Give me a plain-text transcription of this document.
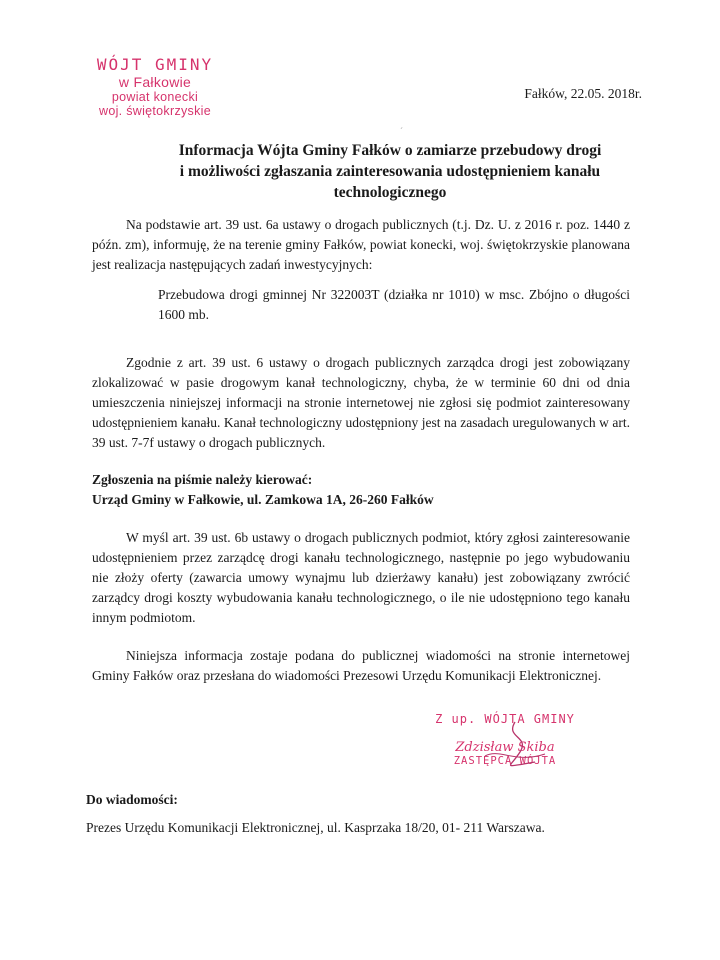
WÓJT GMINY
w Fałkowie
powiat konecki
woj. świętokrzyskie
Fałków, 22.05. 2018r.
ˊ
Informacja Wójta Gminy Fałków o zamiarze przebudowy drogi
i możliwości zgłaszania zainteresowania udostępnieniem kanału
technologicznego
Na podstawie art. 39 ust. 6a ustawy o drogach publicznych (t.j. Dz. U. z 2016 r. poz. 1440 z późn. zm), informuję, że na terenie gminy Fałków, powiat konecki, woj. świętokrzyskie planowana jest realizacja następujących zadań inwestycyjnych:
Przebudowa drogi gminnej Nr 322003T (działka nr 1010) w msc. Zbójno o długości 1600 mb.
Zgodnie z art. 39 ust. 6 ustawy o drogach publicznych zarządca drogi jest zobowiązany zlokalizować w pasie drogowym kanał technologiczny, chyba, że w terminie 60 dni od dnia umieszczenia niniejszej informacji na stronie internetowej nie zgłosi się podmiot zainteresowany udostępnieniem kanału. Kanał technologiczny udostępniony jest na zasadach uregulowanych w art. 39 ust. 7-7f ustawy o drogach publicznych.
Zgłoszenia na piśmie należy kierować:
Urząd Gminy w Fałkowie, ul. Zamkowa 1A, 26-260 Fałków
W myśl art. 39 ust. 6b ustawy o drogach publicznych podmiot, który zgłosi zainteresowanie udostępnieniem przez zarządcę drogi kanału technologicznego, następnie po jego wybudowaniu nie złoży oferty (zawarcia umowy wynajmu lub dzierżawy kanału) jest zobowiązany zwrócić zarządcy drogi koszty wybudowania kanału technologicznego, o ile nie udostępniono tego kanału innym podmiotom.
Niniejsza informacja zostaje podana do publicznej wiadomości na stronie internetowej Gminy Fałków oraz przesłana do wiadomości Prezesowi Urzędu Komunikacji Elektronicznej.
Z up. WÓJTA GMINY
Zdzisław Skiba
ZASTĘPCA WÓJTA
Do wiadomości:
Prezes Urzędu Komunikacji Elektronicznej, ul. Kasprzaka 18/20, 01- 211 Warszawa.
